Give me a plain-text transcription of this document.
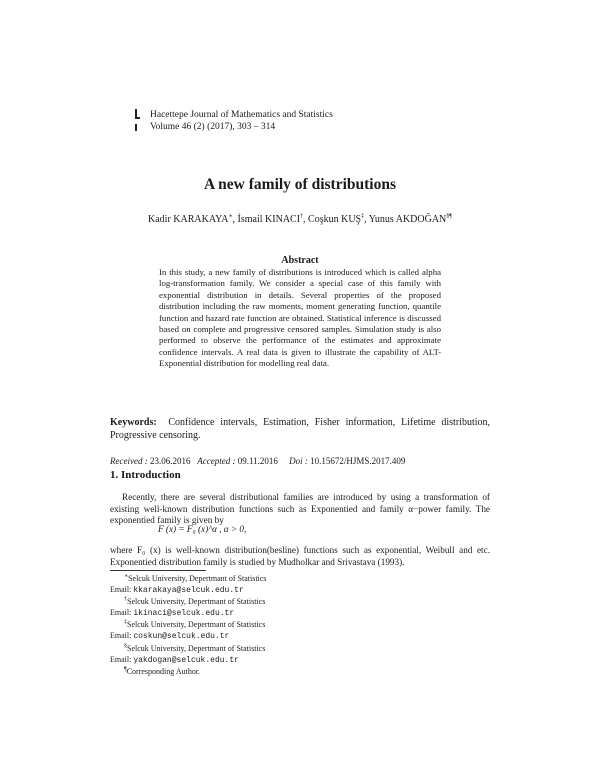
Hacettepe Journal of Mathematics and Statistics
Volume 46 (2) (2017), 303 – 314
A new family of distributions
Kadir KARAKAYA∗, İsmail KINACI†, Coşkun KUŞ‡, Yunus AKDOĞAN§¶
Abstract
In this study, a new family of distributions is introduced which is called alpha log-transformation family. We consider a special case of this family with exponential distribution in details. Several properties of the proposed distribution including the raw moments, moment generating function, quantile function and hazard rate function are obtained. Statistical inference is discussed based on complete and progressive censored samples. Simulation study is also performed to observe the performance of the estimates and approximate confidence intervals. A real data is given to illustrate the capability of ALT- Exponential distribution for modelling real data.
Keywords: Confidence intervals, Estimation, Fisher information, Lifetime distribution, Progressive censoring.
Received : 23.06.2016 Accepted : 09.11.2016 Doi : 10.15672/HJMS.2017.409
1. Introduction
Recently, there are several distributional families are introduced by using a transformation of existing well-known distribution functions such as Exponentied and family α−power family. The exponentied family is given by
F (x) = F₀ (x)^α , α > 0,
where F₀ (x) is well-known distribution(besline) functions such as exponential, Weibull and etc. Exponentied distribution family is studied by Mudholkar and Srivastava (1993).
∗Selcuk University, Depertmant of Statistics
Email: kkarakaya@selcuk.edu.tr
†Selcuk University, Depertmant of Statistics
Email: ikinaci@selcuk.edu.tr
‡Selcuk University, Depertmant of Statistics
Email: coskun@selcuk.edu.tr
§Selcuk University, Depertmant of Statistics
Email: yakdogan@selcuk.edu.tr
¶Corresponding Author.
